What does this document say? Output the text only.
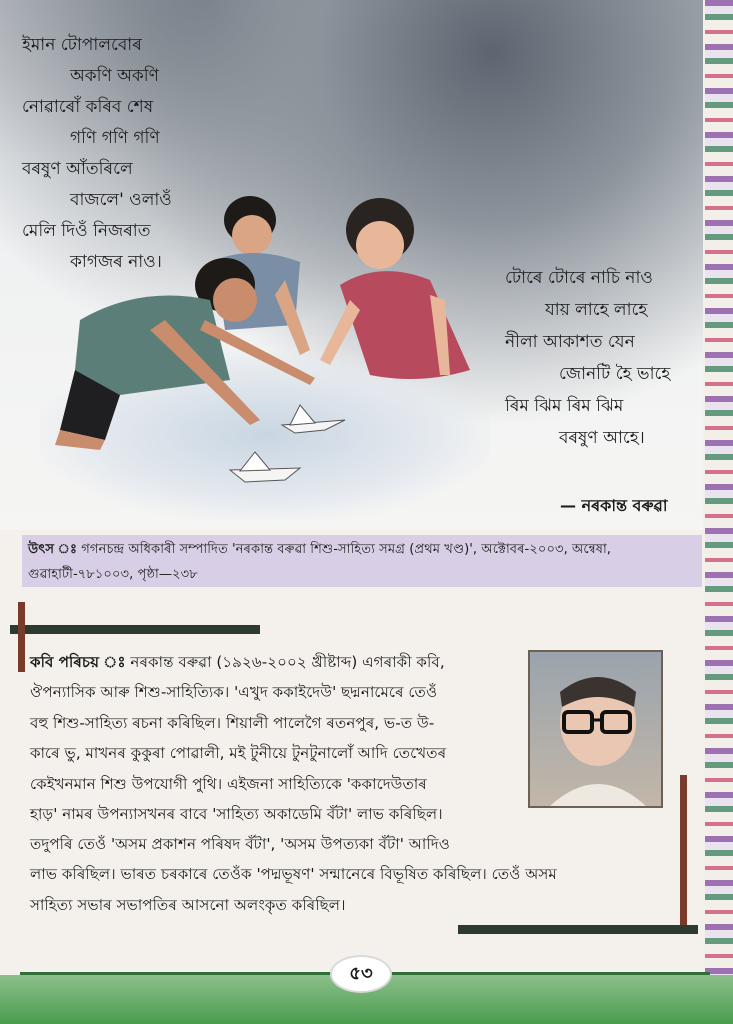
ইমান টোপালবোৰ
অকণি অকণি
নোৱাৰোঁ কৰিব শেষ
গণি গণি গণি
বৰষুণ আঁতৰিলে
বাজলে' ওলাওঁ
মেলি দিওঁ নিজৰাত
কাগজৰ নাও।
টোৰে টোৰে নাচি নাও
যায় লাহে লাহে
নীলা আকাশত যেন
জোনটি হৈ ভাহে
ৰিম ঝিম ৰিম ঝিম
বৰষুণ আহে।
— নৰকান্ত বৰুৱা
উৎস ঃ গগনচন্দ্ৰ অধিকাৰী সম্পাদিত 'নৰকান্ত বৰুৱা শিশু-সাহিত্য সমগ্ৰ (প্ৰথম খণ্ড)', অক্টোবৰ-২০০৩, অন্বেষা,
গুৱাহাটী-৭৮১০০৩, পৃষ্ঠা—২৩৮
কবি পৰিচয় ঃ নৰকান্ত বৰুৱা (১৯২৬-২০০২ খ্ৰীষ্টাব্দ) এগৰাকী কবি,
ঔপন্যাসিক আৰু শিশু-সাহিত্যিক। 'এখুদ ককাইদেউ' ছদ্মনামেৰে তেওঁ
বহু শিশু-সাহিত্য ৰচনা কৰিছিল। শিয়ালী পালেগৈ ৰতনপুৰ, ভ-ত উ-
কাৰে ভু, মাখনৰ কুকুৰা পোৱালী, মই টুনীয়ে টুনটুনালোঁ আদি তেখেতৰ
কেইখনমান শিশু উপযোগী পুথি। এইজনা সাহিত্যিকে 'ককাদেউতাৰ
হাড়' নামৰ উপন্যাসখনৰ বাবে 'সাহিত্য অকাডেমি বঁটা' লাভ কৰিছিল।
তদুপৰি তেওঁ 'অসম প্ৰকাশন পৰিষদ বঁটা', 'অসম উপত্যকা বঁটা' আদিও
লাভ কৰিছিল। ভাৰত চৰকাৰে তেওঁক 'পদ্মভূষণ' সন্মানেৰে বিভূষিত কৰিছিল। তেওঁ অসম
সাহিত্য সভাৰ সভাপতিৰ আসনো অলংকৃত কৰিছিল।
৫৩
